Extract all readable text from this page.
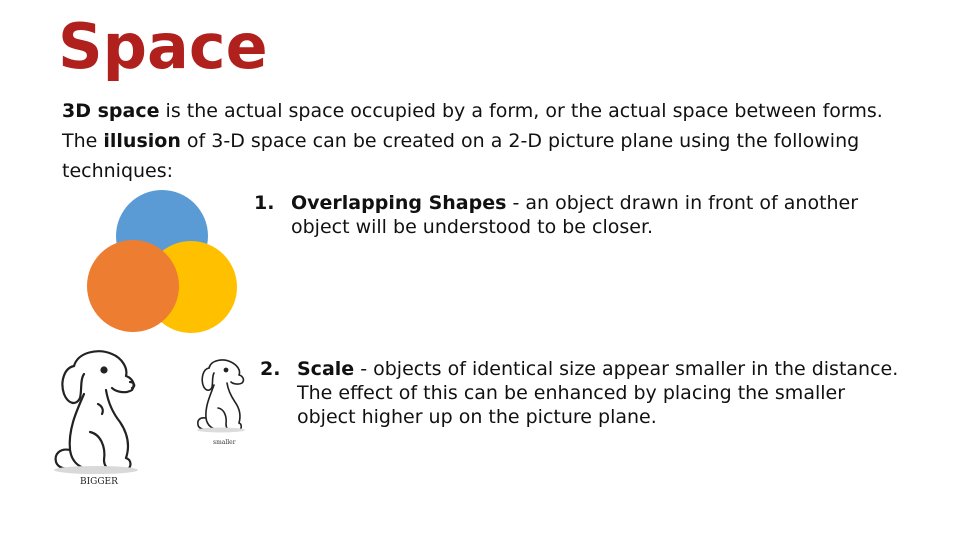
Space
3D space is the actual space occupied by a form, or the actual space between forms. The illusion of 3-D space can be created on a 2-D picture plane using the following techniques:
BIGGER
smaller
1. Overlapping Shapes - an object drawn in front of another
object will be understood to be closer.
2. Scale - objects of identical size appear smaller in the distance.
The effect of this can be enhanced by placing the smaller
object higher up on the picture plane.
